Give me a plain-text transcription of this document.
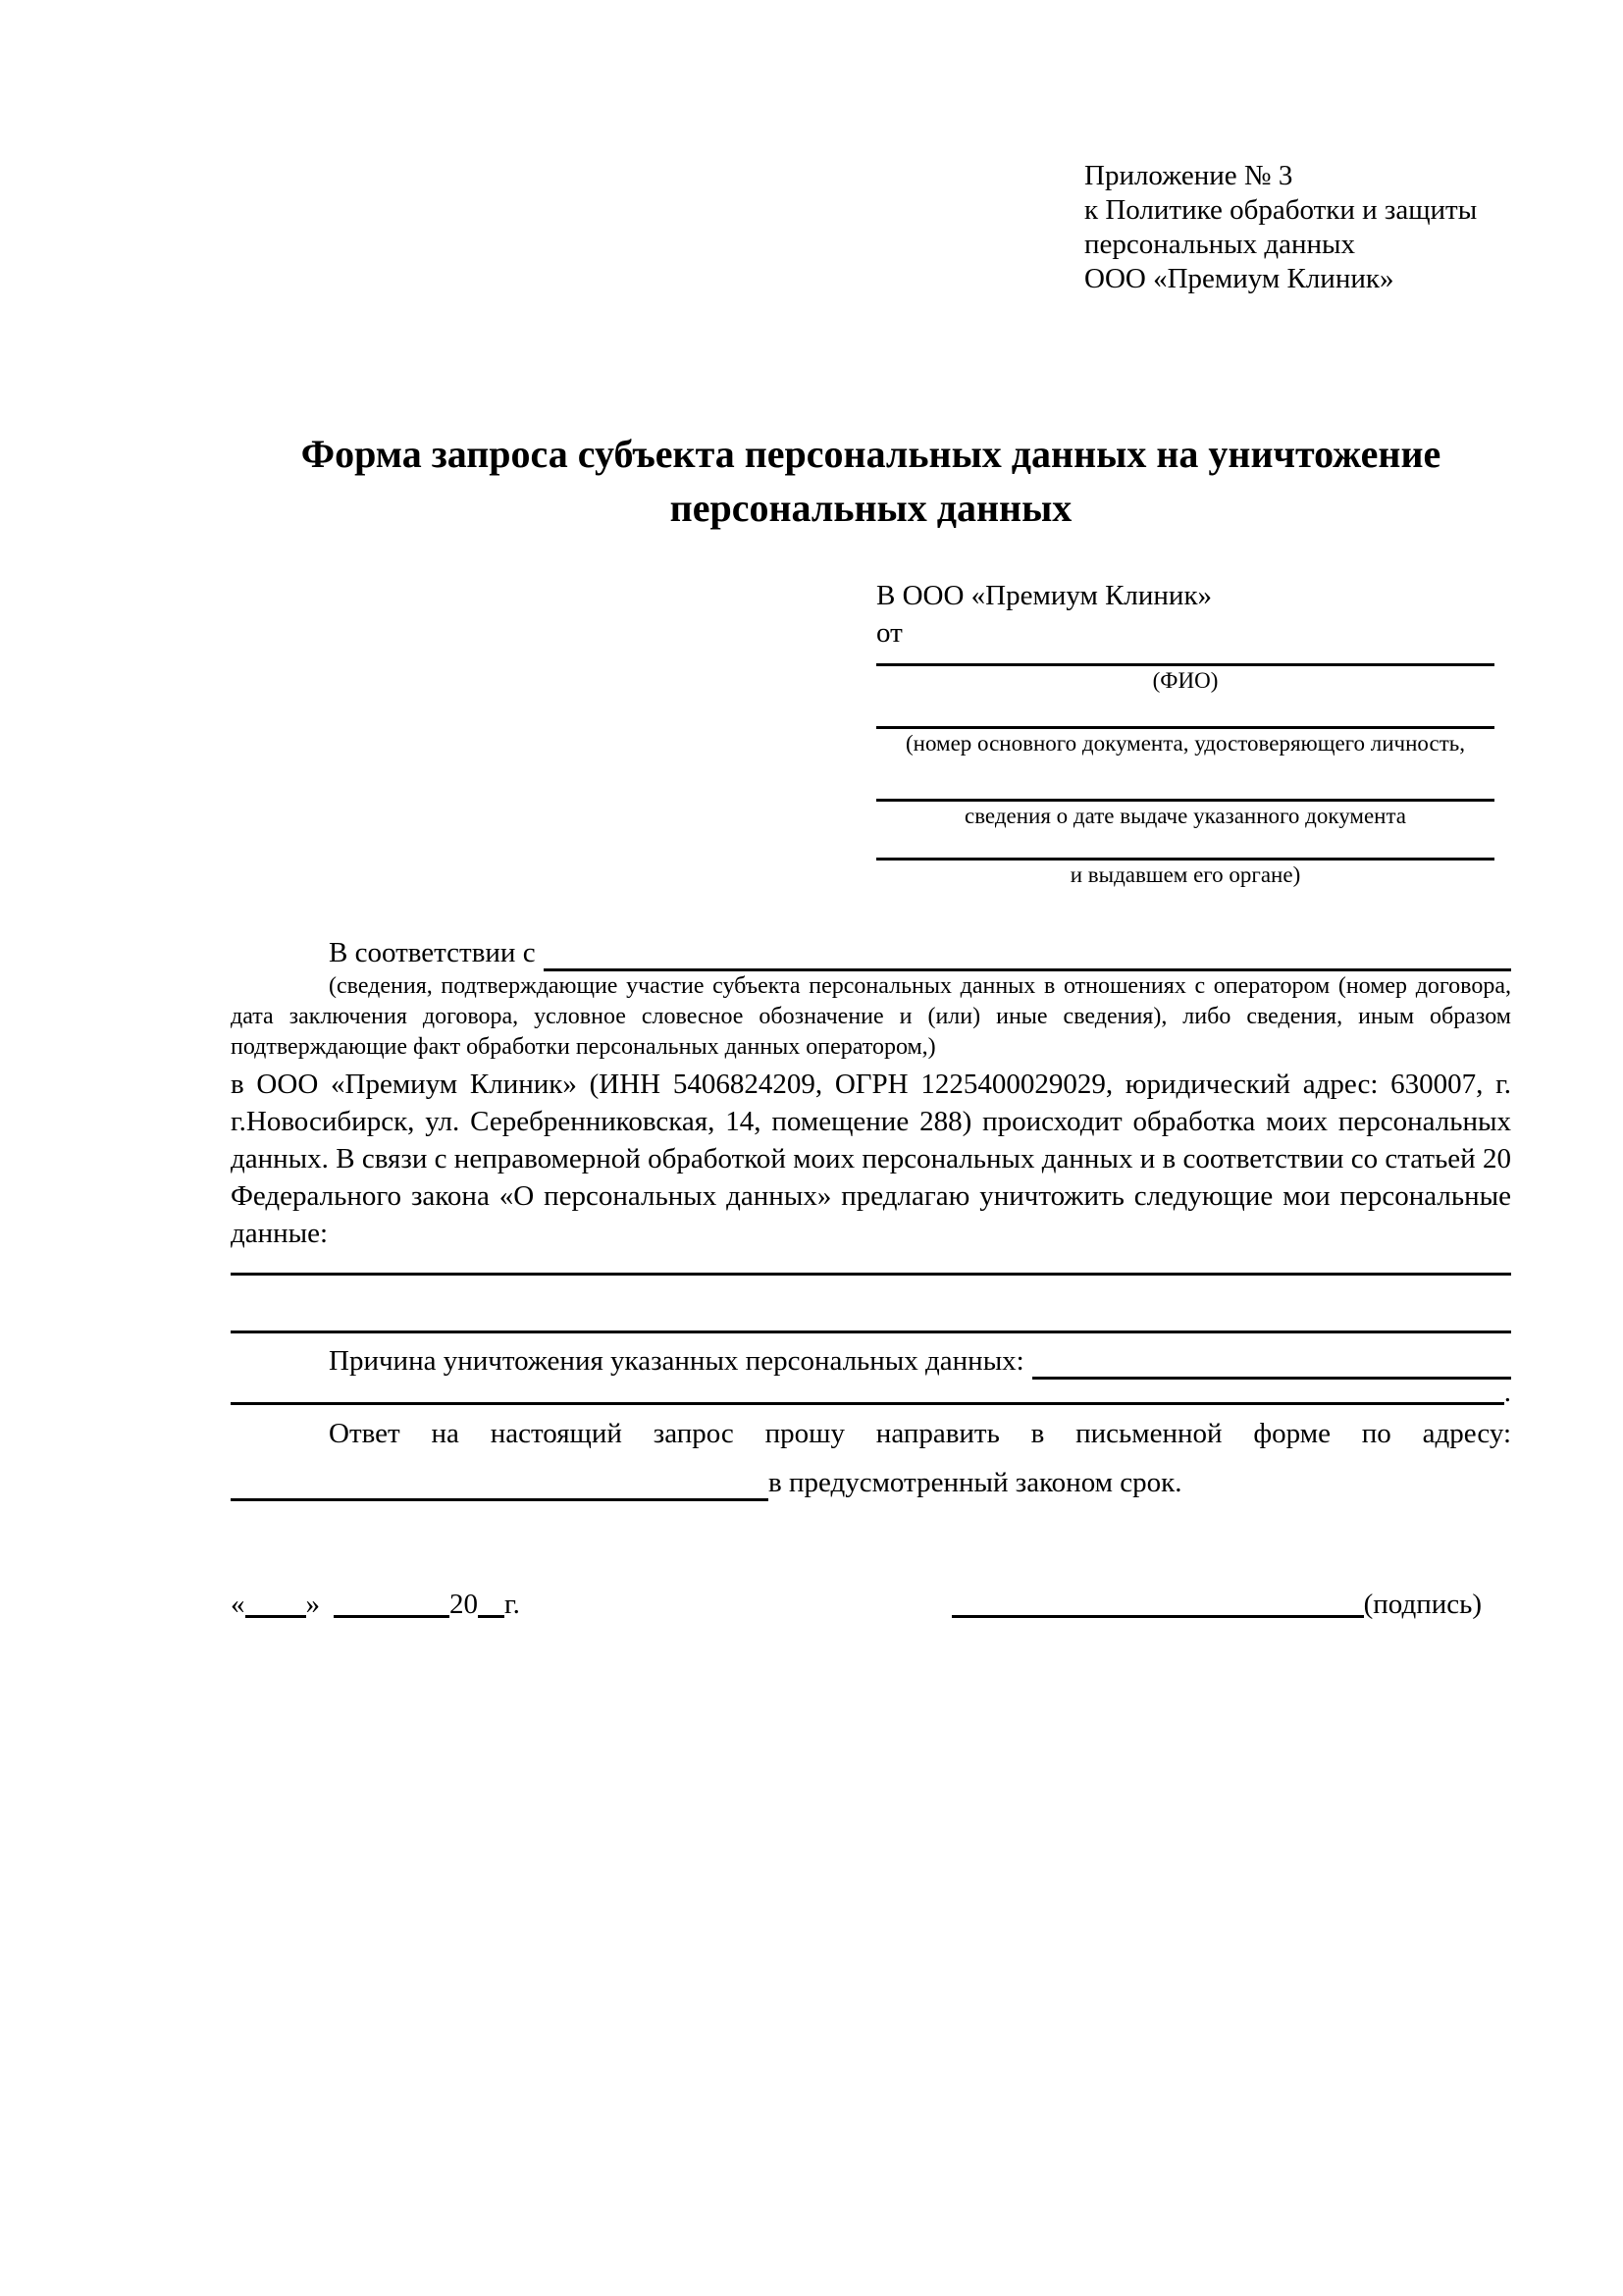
Приложение № 3
к Политике обработки и защиты
персональных данных
ООО «Премиум Клиник»
Форма запроса субъекта персональных данных на уничтожение
персональных данных
В ООО «Премиум Клиник»
от
(ФИО)
(номер основного документа, удостоверяющего личность,
сведения о дате выдаче указанного документа
и выдавшем его органе)
В соответствии с

(сведения, подтверждающие участие субъекта персональных данных в отношениях с оператором (номер договора, дата заключения договора, условное словесное обозначение и (или) иные сведения), либо сведения, иным образом подтверждающие факт обработки персональных данных оператором,)

в ООО «Премиум Клиник» (ИНН 5406824209, ОГРН 1225400029029, юридический адрес: 630007, г. г.Новосибирск, ул. Серебренниковская, 14, помещение 288) происходит обработка моих персональных данных. В связи с неправомерной обработкой моих персональных данных и в соответствии со статьей 20 Федерального закона «О персональных данных» предлагаю уничтожить следующие мои персональные данные:

Причина уничтожения указанных персональных данных:
.

Ответ на настоящий запрос прошу направить в письменной форме по адресу:

в предусмотренный законом срок.
« »	20 г.	(подпись)
